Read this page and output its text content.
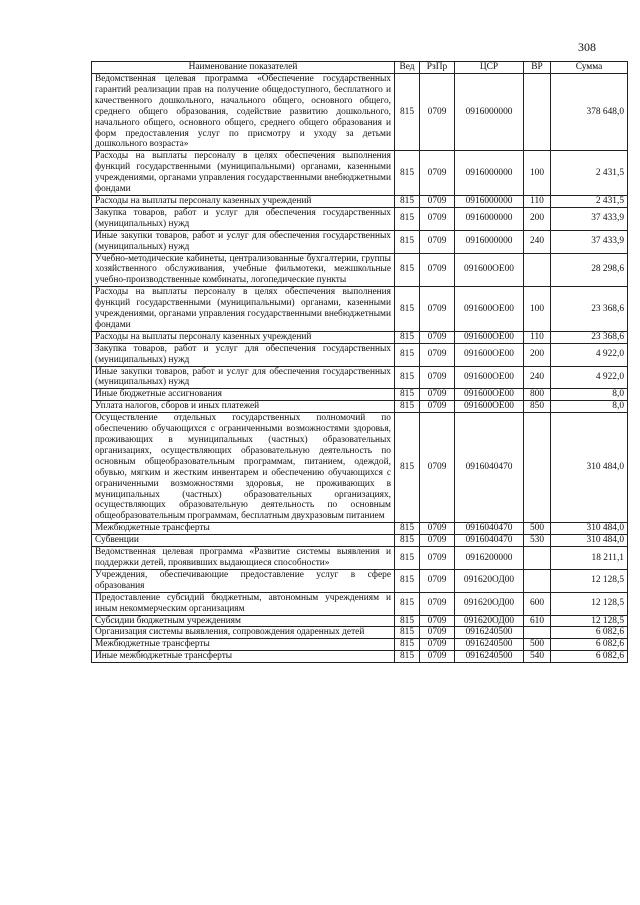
308
Наименование показателей	Вед	РзПр	ЦСР	ВР	Сумма
Ведомственная целевая программа «Обеспечение государственных гарантий реализации прав на получение общедоступного, бесплатного и качественного дошкольного, начального общего, основного общего, среднего общего образования, содействие развитию дошкольного, начального общего, основного общего, среднего общего образования и форм предоставления услуг по присмотру и уходу за детьми дошкольного возраста»	815	0709	0916000000		378 648,0
Расходы на выплаты персоналу в целях обеспечения выполнения функций государственными (муниципальными) органами, казенными учреждениями, органами управления государственными внебюджетными фондами	815	0709	0916000000	100	2 431,5
Расходы на выплаты персоналу казенных учреждений	815	0709	0916000000	110	2 431,5
Закупка товаров, работ и услуг для обеспечения государственных (муниципальных) нужд	815	0709	0916000000	200	37 433,9
Иные закупки товаров, работ и услуг для обеспечения государственных (муниципальных) нужд	815	0709	0916000000	240	37 433,9
Учебно-методические кабинеты, централизованные бухгалтерии, группы хозяйственного обслуживания, учебные фильмотеки, межшкольные учебно-производственные комбинаты, логопедические пункты	815	0709	091600ОЕ00		28 298,6
Расходы на выплаты персоналу в целях обеспечения выполнения функций государственными (муниципальными) органами, казенными учреждениями, органами управления государственными внебюджетными фондами	815	0709	091600ОЕ00	100	23 368,6
Расходы на выплаты персоналу казенных учреждений	815	0709	091600ОЕ00	110	23 368,6
Закупка товаров, работ и услуг для обеспечения государственных (муниципальных) нужд	815	0709	091600ОЕ00	200	4 922,0
Иные закупки товаров, работ и услуг для обеспечения государственных (муниципальных) нужд	815	0709	091600ОЕ00	240	4 922,0
Иные бюджетные ассигнования	815	0709	091600ОЕ00	800	8,0
Уплата налогов, сборов и иных платежей	815	0709	091600ОЕ00	850	8,0
Осуществление отдельных государственных полномочий по обеспечению обучающихся с ограниченными возможностями здоровья, проживающих в муниципальных (частных) образовательных организациях, осуществляющих образовательную деятельность по основным общеобразовательным программам, питанием, одеждой, обувью, мягким и жестким инвентарем и обеспечению обучающихся с ограниченными возможностями здоровья, не проживающих в муниципальных (частных) образовательных организациях, осуществляющих образовательную деятельность по основным общеобразовательным программам, бесплатным двухразовым питанием	815	0709	0916040470		310 484,0
Межбюджетные трансферты	815	0709	0916040470	500	310 484,0
Субвенции	815	0709	0916040470	530	310 484,0
Ведомственная целевая программа «Развитие системы выявления и поддержки детей, проявивших выдающиеся способности»	815	0709	0916200000		18 211,1
Учреждения, обеспечивающие предоставление услуг в сфере образования	815	0709	091620ОД00		12 128,5
Предоставление субсидий бюджетным, автономным учреждениям и иным некоммерческим организациям	815	0709	091620ОД00	600	12 128,5
Субсидии бюджетным учреждениям	815	0709	091620ОД00	610	12 128,5
Организация системы выявления, сопровождения одаренных детей	815	0709	0916240500		6 082,6
Межбюджетные трансферты	815	0709	0916240500	500	6 082,6
Иные межбюджетные трансферты	815	0709	0916240500	540	6 082,6
